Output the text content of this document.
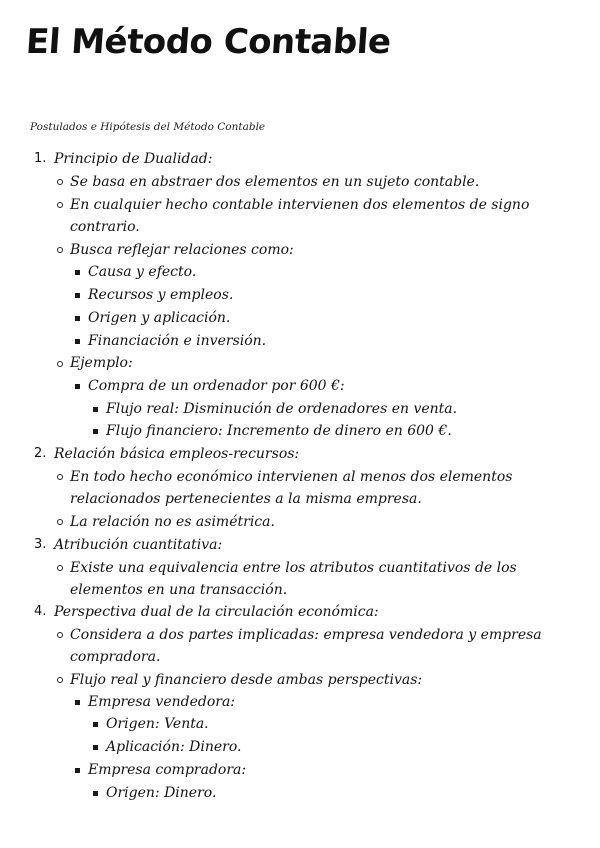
El Método Contable
Postulados e Hipótesis del Método Contable
1. Principio de Dualidad:
Se basa en abstraer dos elementos en un sujeto contable.
En cualquier hecho contable intervienen dos elementos de signo
contrario.
Busca reflejar relaciones como:
Causa y efecto.
Recursos y empleos.
Origen y aplicación.
Financiación e inversión.
Ejemplo:
Compra de un ordenador por 600 €:
Flujo real: Disminución de ordenadores en venta.
Flujo financiero: Incremento de dinero en 600 €.
2. Relación básica empleos-recursos:
En todo hecho económico intervienen al menos dos elementos
relacionados pertenecientes a la misma empresa.
La relación no es asimétrica.
3. Atribución cuantitativa:
Existe una equivalencia entre los atributos cuantitativos de los
elementos en una transacción.
4. Perspectiva dual de la circulación económica:
Considera a dos partes implicadas: empresa vendedora y empresa
compradora.
Flujo real y financiero desde ambas perspectivas:
Empresa vendedora:
Origen: Venta.
Aplicación: Dinero.
Empresa compradora:
Origen: Dinero.
